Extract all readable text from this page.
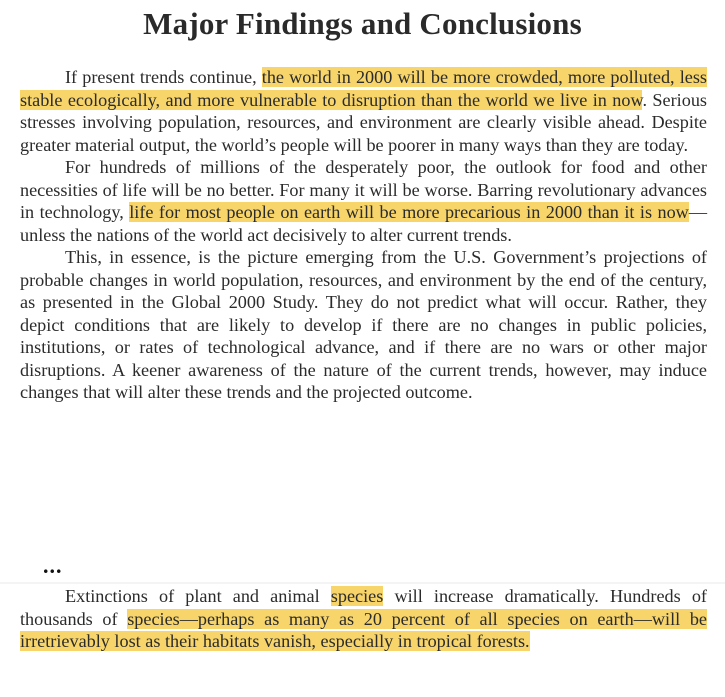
Major Findings and Conclusions

If present trends continue, the world in 2000 will be more crowded, more polluted, less stable ecologically, and more vulnerable to disruption than the world we live in now. Serious stresses involving population, resources, and environment are clearly visible ahead. Despite greater material output, the world’s people will be poorer in many ways than they are today.

For hundreds of millions of the desperately poor, the outlook for food and other necessities of life will be no better. For many it will be worse. Barring revolutionary advances in technology, life for most people on earth will be more precarious in 2000 than it is now—unless the nations of the world act decisively to alter current trends.

This, in essence, is the picture emerging from the U.S. Government’s projections of probable changes in world population, resources, and environment by the end of the century, as presented in the Global 2000 Study. They do not predict what will occur. Rather, they depict conditions that are likely to develop if there are no changes in public policies, institutions, or rates of technological advance, and if there are no wars or other major disruptions. A keener awareness of the nature of the current trends, however, may induce changes that will alter these trends and the projected outcome.

...

Extinctions of plant and animal species will increase dramatically. Hundreds of thousands of species—perhaps as many as 20 percent of all species on earth—will be irretrievably lost as their habitats vanish, especially in tropical forests.
